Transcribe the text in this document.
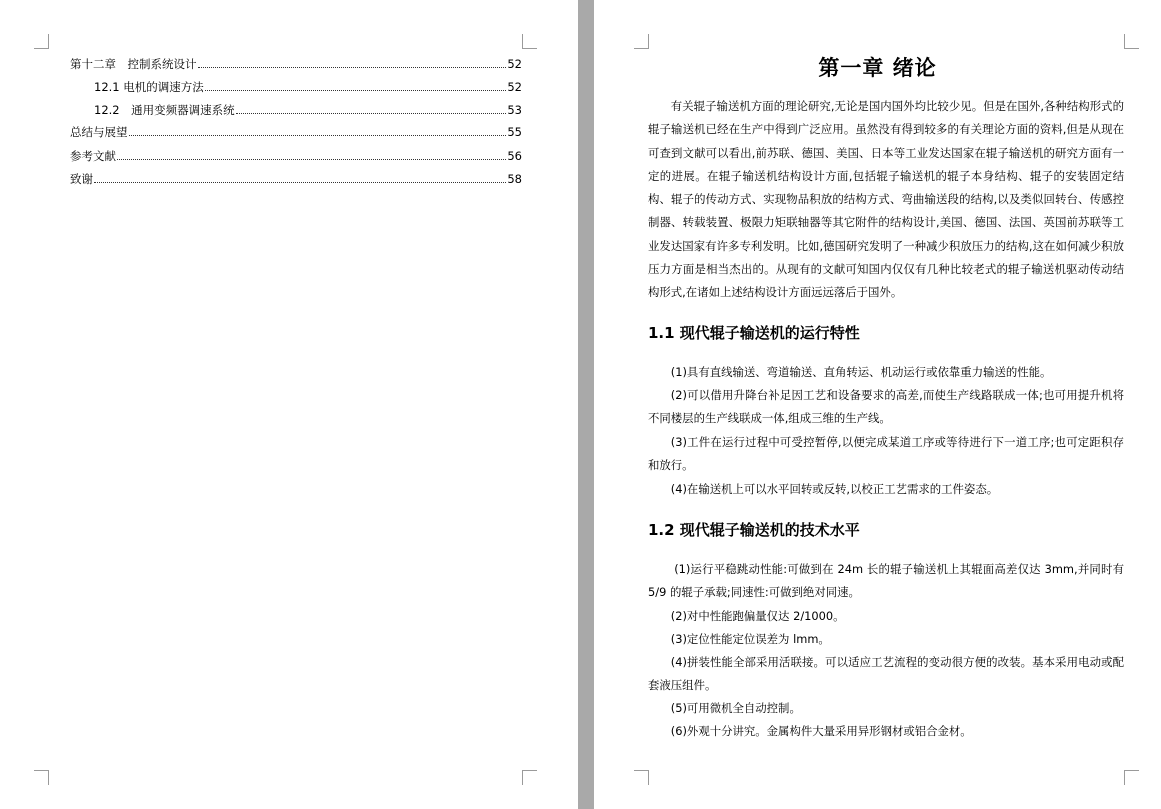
第十二章　控制系统设计	52
12.1 电机的调速方法	52
12.2　通用变频器调速系统	53
总结与展望	55
参考文献	56
致谢	58
第一章 绪论
有关辊子输送机方面的理论研究,无论是国内国外均比较少见。但是在国外,各种结构形式的辊子输送机已经在生产中得到广泛应用。虽然没有得到较多的有关理论方面的资料,但是从现在可查到文献可以看出,前苏联、德国、美国、日本等工业发达国家在辊子输送机的研究方面有一定的进展。在辊子输送机结构设计方面,包括辊子输送机的辊子本身结构、辊子的安装固定结构、辊子的传动方式、实现物品积放的结构方式、弯曲输送段的结构,以及类似回转台、传感控制器、转载装置、极限力矩联轴器等其它附件的结构设计,美国、德国、法国、英国前苏联等工业发达国家有许多专利发明。比如,德国研究发明了一种减少积放压力的结构,这在如何减少积放压力方面是相当杰出的。从现有的文献可知国内仅仅有几种比较老式的辊子输送机驱动传动结构形式,在诸如上述结构设计方面远远落后于国外。
1.1 现代辊子输送机的运行特性
(1)具有直线输送、弯道输送、直角转运、机动运行或依靠重力输送的性能。
(2)可以借用升降台补足因工艺和设备要求的高差,而使生产线路联成一体;也可用提升机将不同楼层的生产线联成一体,组成三维的生产线。
(3)工件在运行过程中可受控暂停,以便完成某道工序或等待进行下一道工序;也可定距积存和放行。
(4)在输送机上可以水平回转或反转,以校正工艺需求的工件姿态。
1.2 现代辊子输送机的技术水平
(1)运行平稳跳动性能:可做到在 24m 长的辊子输送机上其辊面高差仅达 3mm,并同时有 5/9 的辊子承载;同速性:可做到绝对同速。
(2)对中性能跑偏量仅达 2/1000。
(3)定位性能定位误差为 lmm。
(4)拼装性能全部采用活联接。可以适应工艺流程的变动很方便的改装。基本采用电动或配套液压组件。
(5)可用微机全自动控制。
(6)外观十分讲究。金属构件大量采用异形钢材或铝合金材。
